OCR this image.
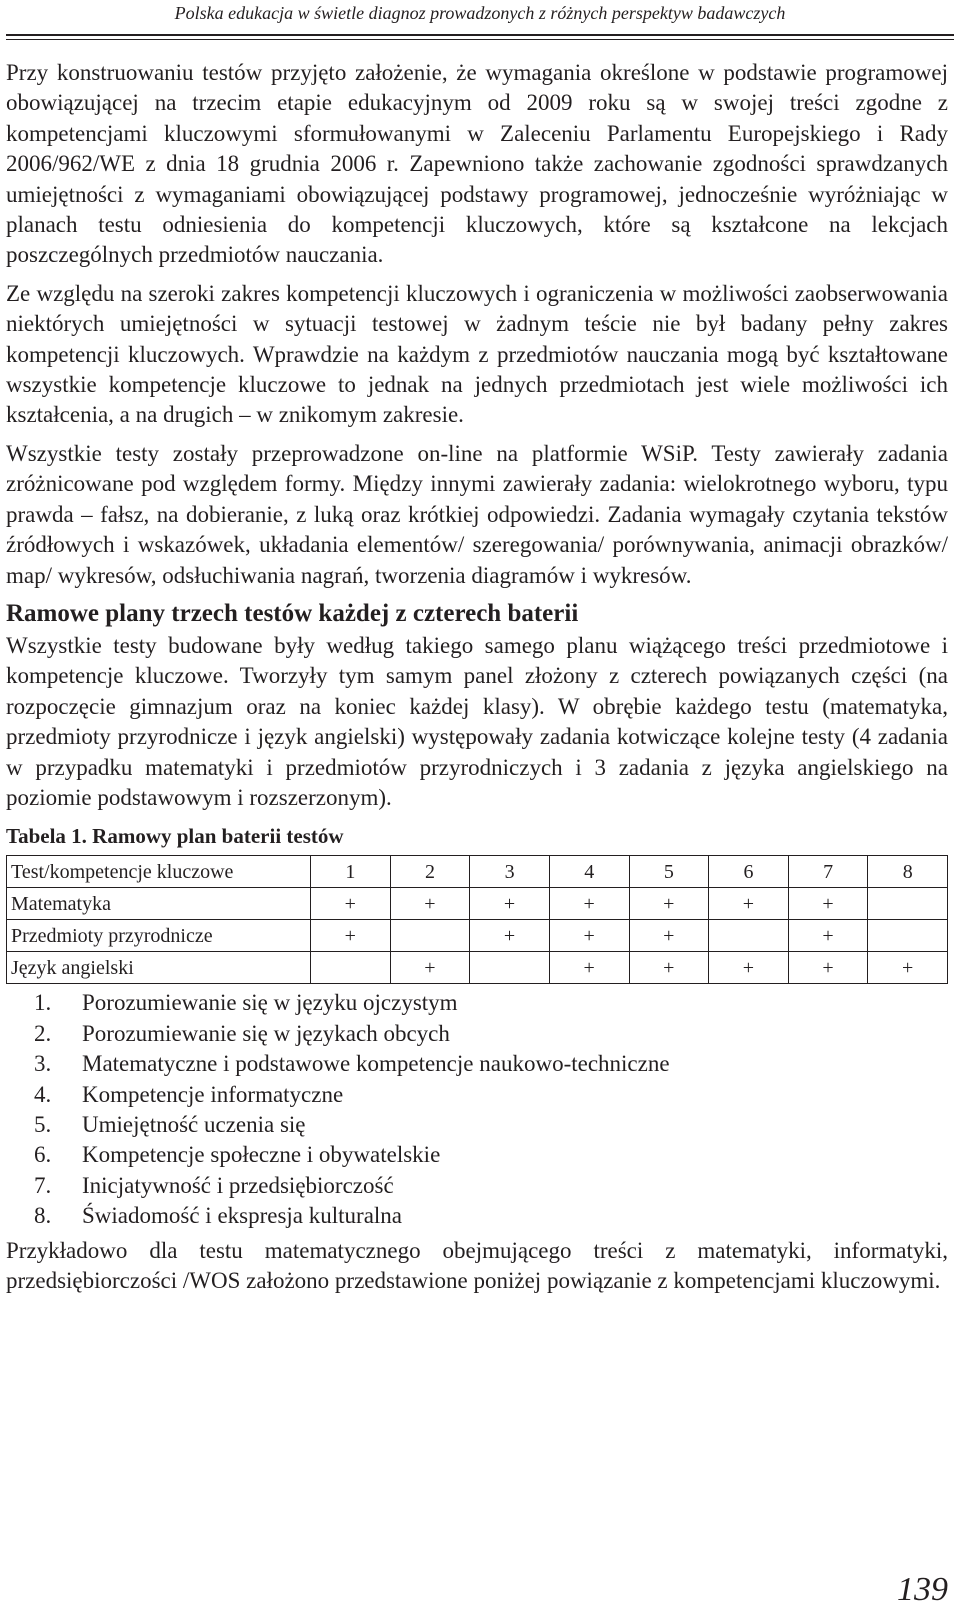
Polska edukacja w świetle diagnoz prowadzonych z różnych perspektyw badawczych

Przy konstruowaniu testów przyjęto założenie, że wymagania określone w podstawie programowej obowiązującej na trzecim etapie edukacyjnym od 2009 roku są w swojej treści zgodne z kompetencjami kluczowymi sformułowanymi w Zaleceniu Parlamentu Europejskiego i Rady 2006/962/WE z dnia 18 grudnia 2006 r. Zapewniono także zachowanie zgodności sprawdzanych umiejętności z wymaganiami obowiązującej podstawy programowej, jednocześnie wyróżniając w planach testu odniesienia do kompetencji kluczowych, które są kształcone na lekcjach poszczególnych przedmiotów nauczania.

Ze względu na szeroki zakres kompetencji kluczowych i ograniczenia w możliwości zaobserwowania niektórych umiejętności w sytuacji testowej w żadnym teście nie był badany pełny zakres kompetencji kluczowych. Wprawdzie na każdym z przedmiotów nauczania mogą być kształtowane wszystkie kompetencje kluczowe to jednak na jednych przedmiotach jest wiele możliwości ich kształcenia, a na drugich – w znikomym zakresie.

Wszystkie testy zostały przeprowadzone on-line na platformie WSiP. Testy zawierały zadania zróżnicowane pod względem formy. Między innymi zawierały zadania: wielokrotnego wyboru, typu prawda – fałsz, na dobieranie, z luką oraz krótkiej odpowiedzi. Zadania wymagały czytania tekstów źródłowych i wskazówek, układania elementów/ szeregowania/ porównywania, animacji obrazków/ map/ wykresów, odsłuchiwania nagrań, tworzenia diagramów i wykresów.

Ramowe plany trzech testów każdej z czterech baterii

Wszystkie testy budowane były według takiego samego planu wiążącego treści przedmiotowe i kompetencje kluczowe. Tworzyły tym samym panel złożony z czterech powiązanych części (na rozpoczęcie gimnazjum oraz na koniec każdej klasy). W obrębie każdego testu (matematyka, przedmioty przyrodnicze i język angielski) występowały zadania kotwiczące kolejne testy (4 zadania w przypadku matematyki i przedmiotów przyrodniczych i 3 zadania z języka angielskiego na poziomie podstawowym i rozszerzonym).

Tabela 1. Ramowy plan baterii testów
Test/kompetencje kluczowe	1	2	3	4	5	6	7	8
Matematyka	+	+	+	+	+	+	+	
Przedmioty przyrodnicze	+		+	+	+		+	
Język angielski		+		+	+	+	+	+
1.	Porozumiewanie się w języku ojczystym
2.	Porozumiewanie się w językach obcych
3.	Matematyczne i podstawowe kompetencje naukowo-techniczne
4.	Kompetencje informatyczne
5.	Umiejętność uczenia się
6.	Kompetencje społeczne i obywatelskie
7.	Inicjatywność i przedsiębiorczość
8.	Świadomość i ekspresja kulturalna

Przykładowo dla testu matematycznego obejmującego treści z matematyki, informatyki, przedsiębiorczości /WOS założono przedstawione poniżej powiązanie z kompetencjami kluczowymi.

139
